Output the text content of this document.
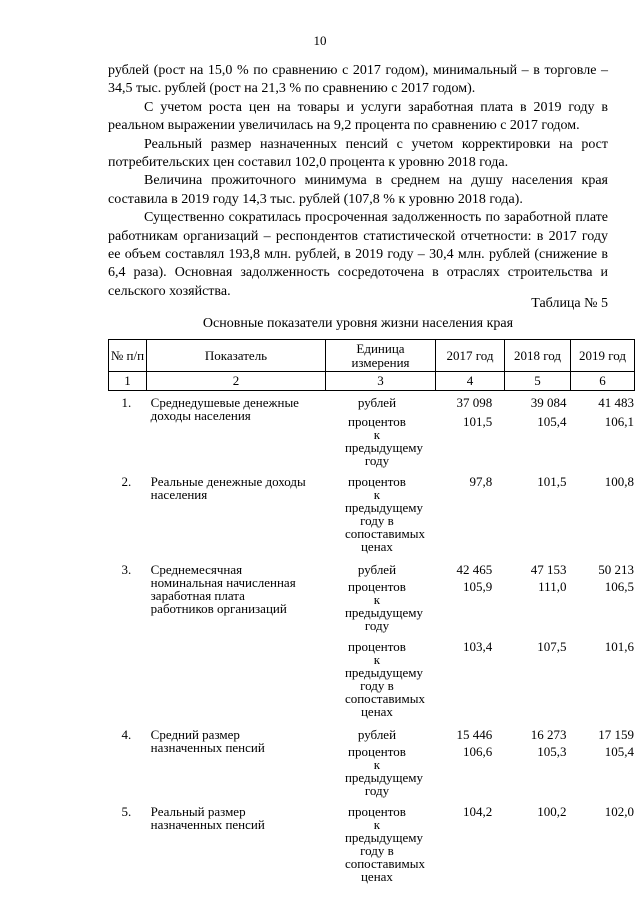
10

рублей (рост на 15,0 % по сравнению с 2017 годом), минимальный – в торговле – 34,5 тыс. рублей (рост на 21,3 % по сравнению с 2017 годом).

С учетом роста цен на товары и услуги заработная плата в 2019 году в реальном выражении увеличилась на 9,2 процента по сравнению с 2017 годом.

Реальный размер назначенных пенсий с учетом корректировки на рост потребительских цен составил 102,0 процента к уровню 2018 года.

Величина прожиточного минимума в среднем на душу населения края составила в 2019 году 14,3 тыс. рублей (107,8 % к уровню 2018 года).

Существенно сократилась просроченная задолженность по заработной плате работникам организаций – респондентов статистической отчетности: в 2017 году ее объем составлял 193,8 млн. рублей, в 2019 году – 30,4 млн. рублей (снижение в 6,4 раза). Основная задолженность сосредоточена в отраслях строительства и сельского хозяйства.

Таблица № 5
Основные показатели уровня жизни населения края
№ п/п	Показатель	Единица измерения	2017 год	2018 год	2019 год
1	2	3	4	5	6
1.	Среднедушевые денежные доходы населения	рублей	37 098	39 084	41 483

		процентов к предыдущему году	101,5	105,4	106,1

2.	Реальные денежные доходы населения	процентов к предыдущему году в сопоставимых ценах	97,8	101,5	100,8

3.	Среднемесячная номинальная начисленная заработная плата работников организаций	рублей	42 465	47 153	50 213

		процентов к предыдущему году	105,9	111,0	106,5

		процентов к предыдущему году в сопоставимых ценах	103,4	107,5	101,6

4.	Средний размер назначенных пенсий	рублей	15 446	16 273	17 159

		процентов к предыдущему году	106,6	105,3	105,4

5.	Реальный размер назначенных пенсий	процентов к предыдущему году в сопоставимых ценах	104,2	100,2	102,0
